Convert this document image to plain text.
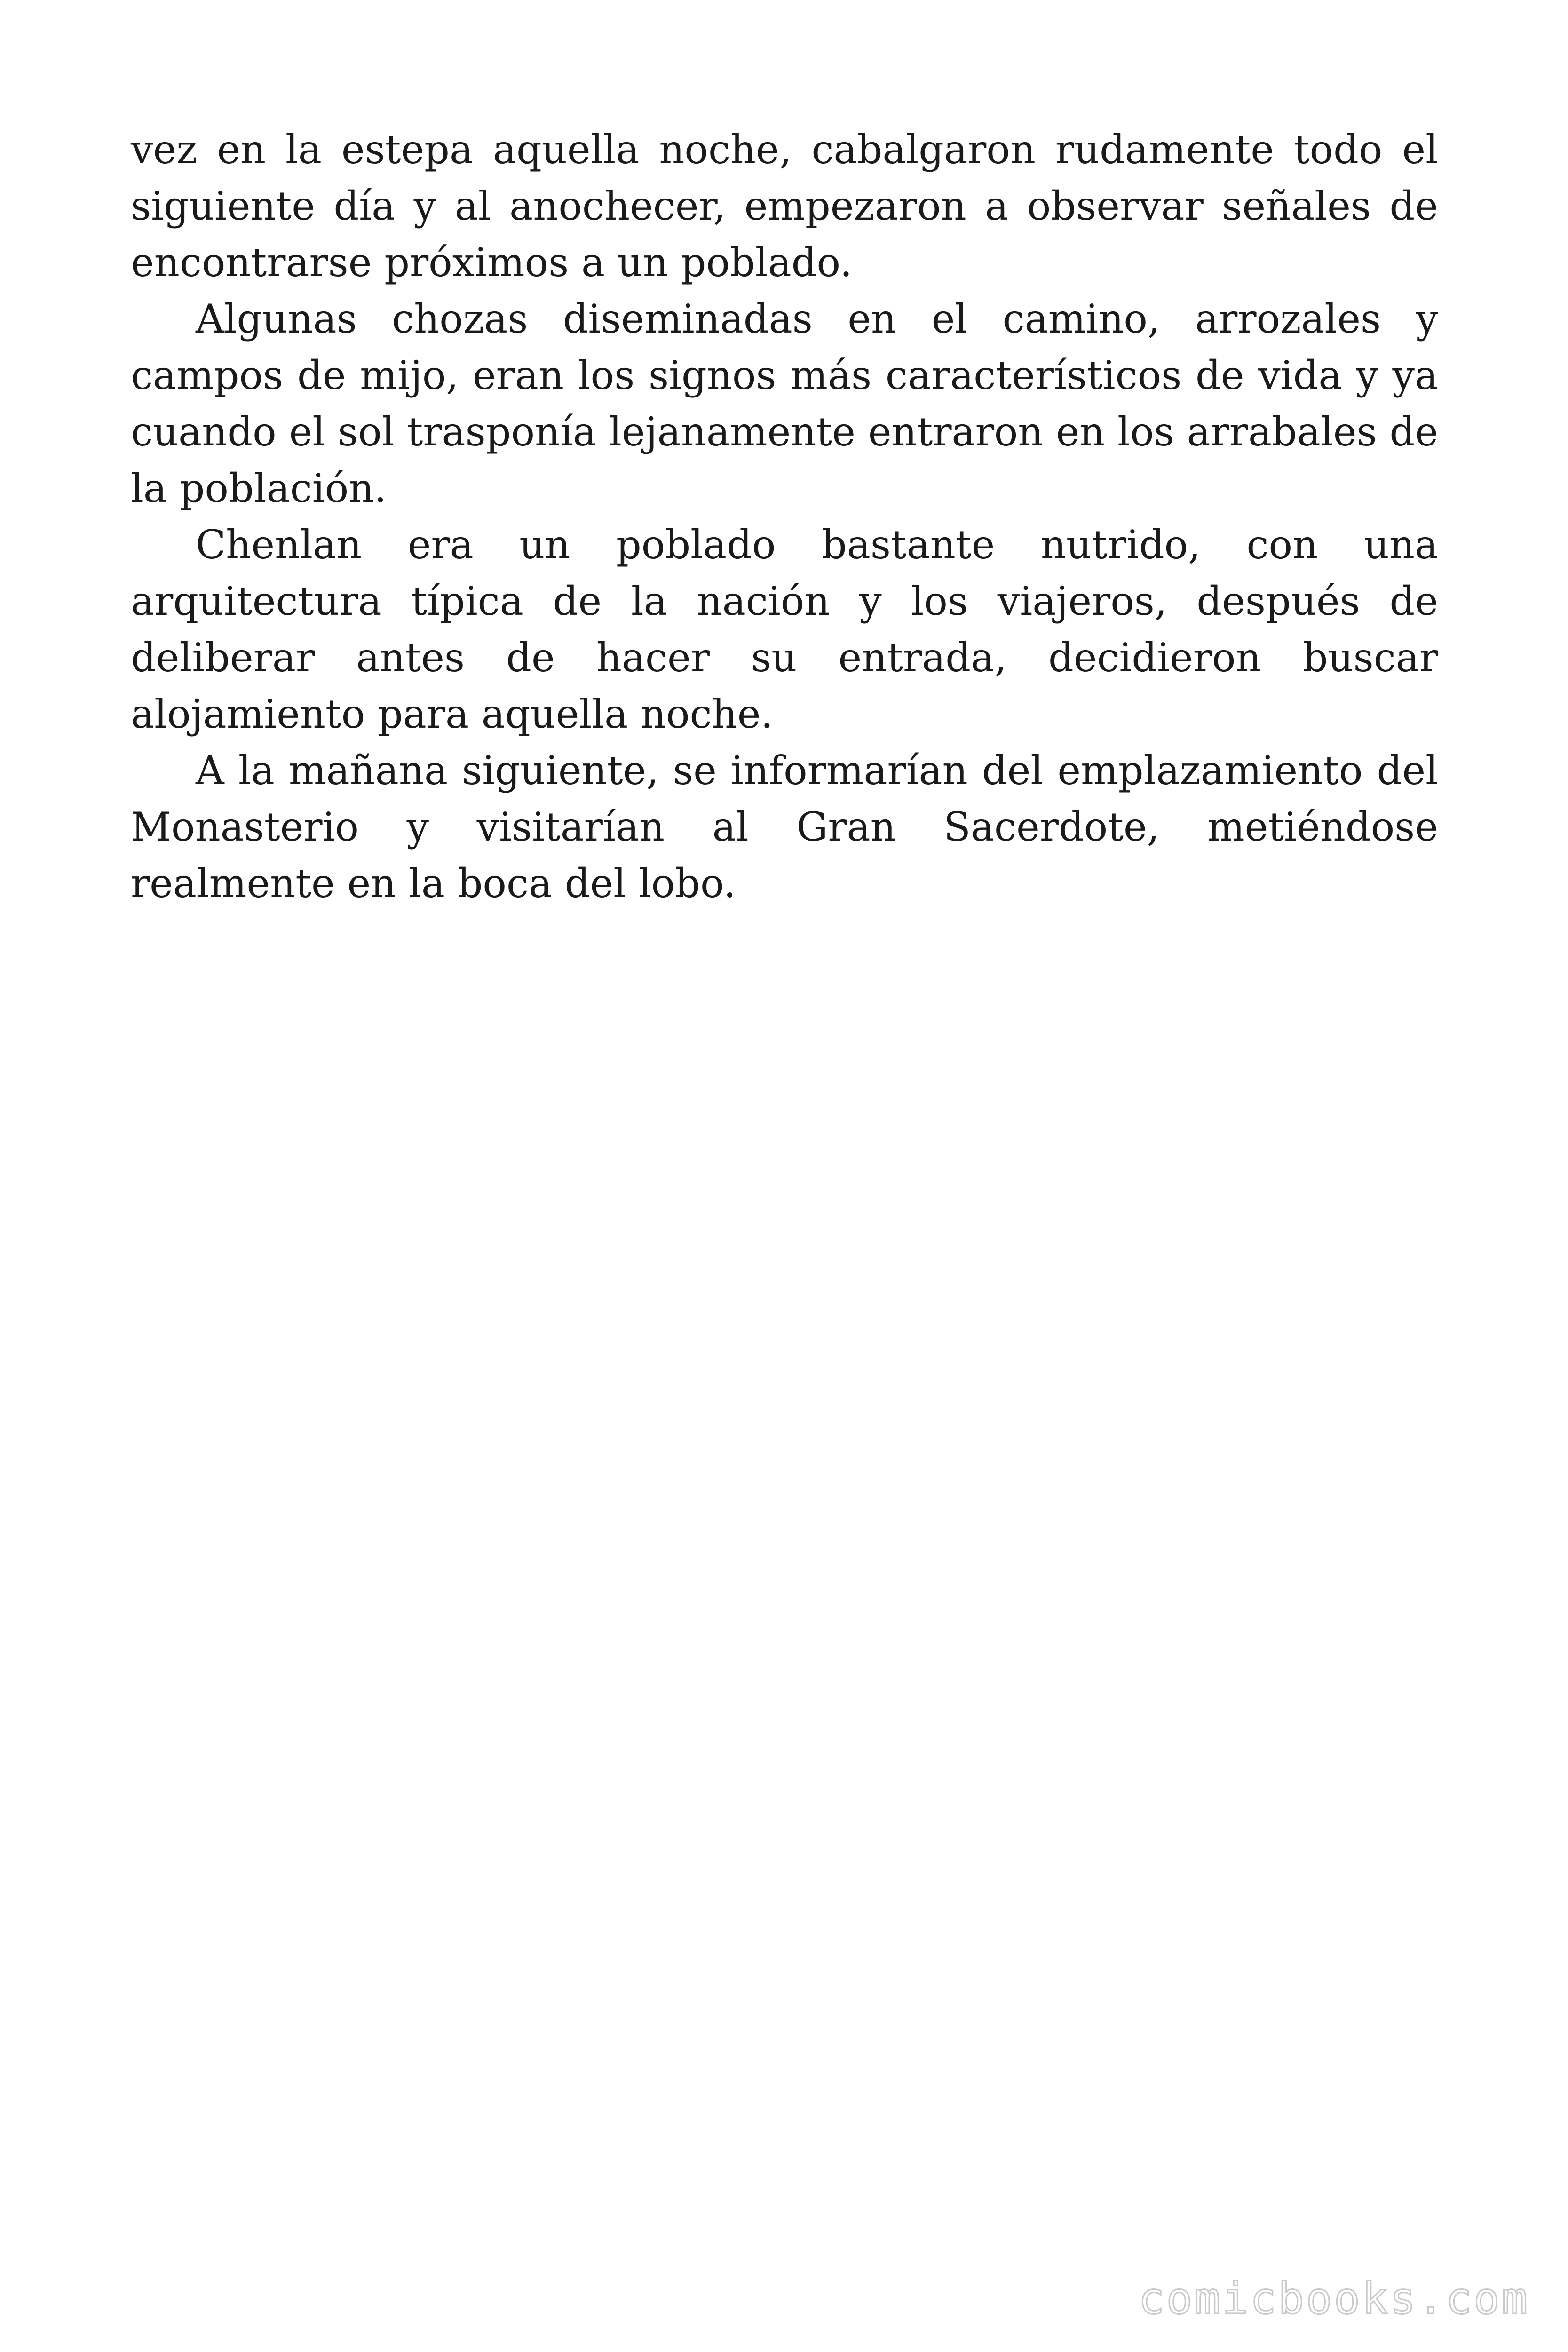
vez en la estepa aquella noche, cabalgaron rudamente todo el siguiente día y al anochecer, empezaron a observar señales de encontrarse próximos a un poblado.

Algunas chozas diseminadas en el camino, arrozales y campos de mijo, eran los signos más característicos de vida y ya cuando el sol trasponía lejanamente entraron en los arrabales de la población.

Chenlan era un poblado bastante nutrido, con una arquitectura típica de la nación y los viajeros, después de deliberar antes de hacer su entrada, decidieron buscar alojamiento para aquella noche.

A la mañana siguiente, se informarían del emplazamiento del Monasterio y visitarían al Gran Sacerdote, metiéndose realmente en la boca del lobo.

comicbooks.com
